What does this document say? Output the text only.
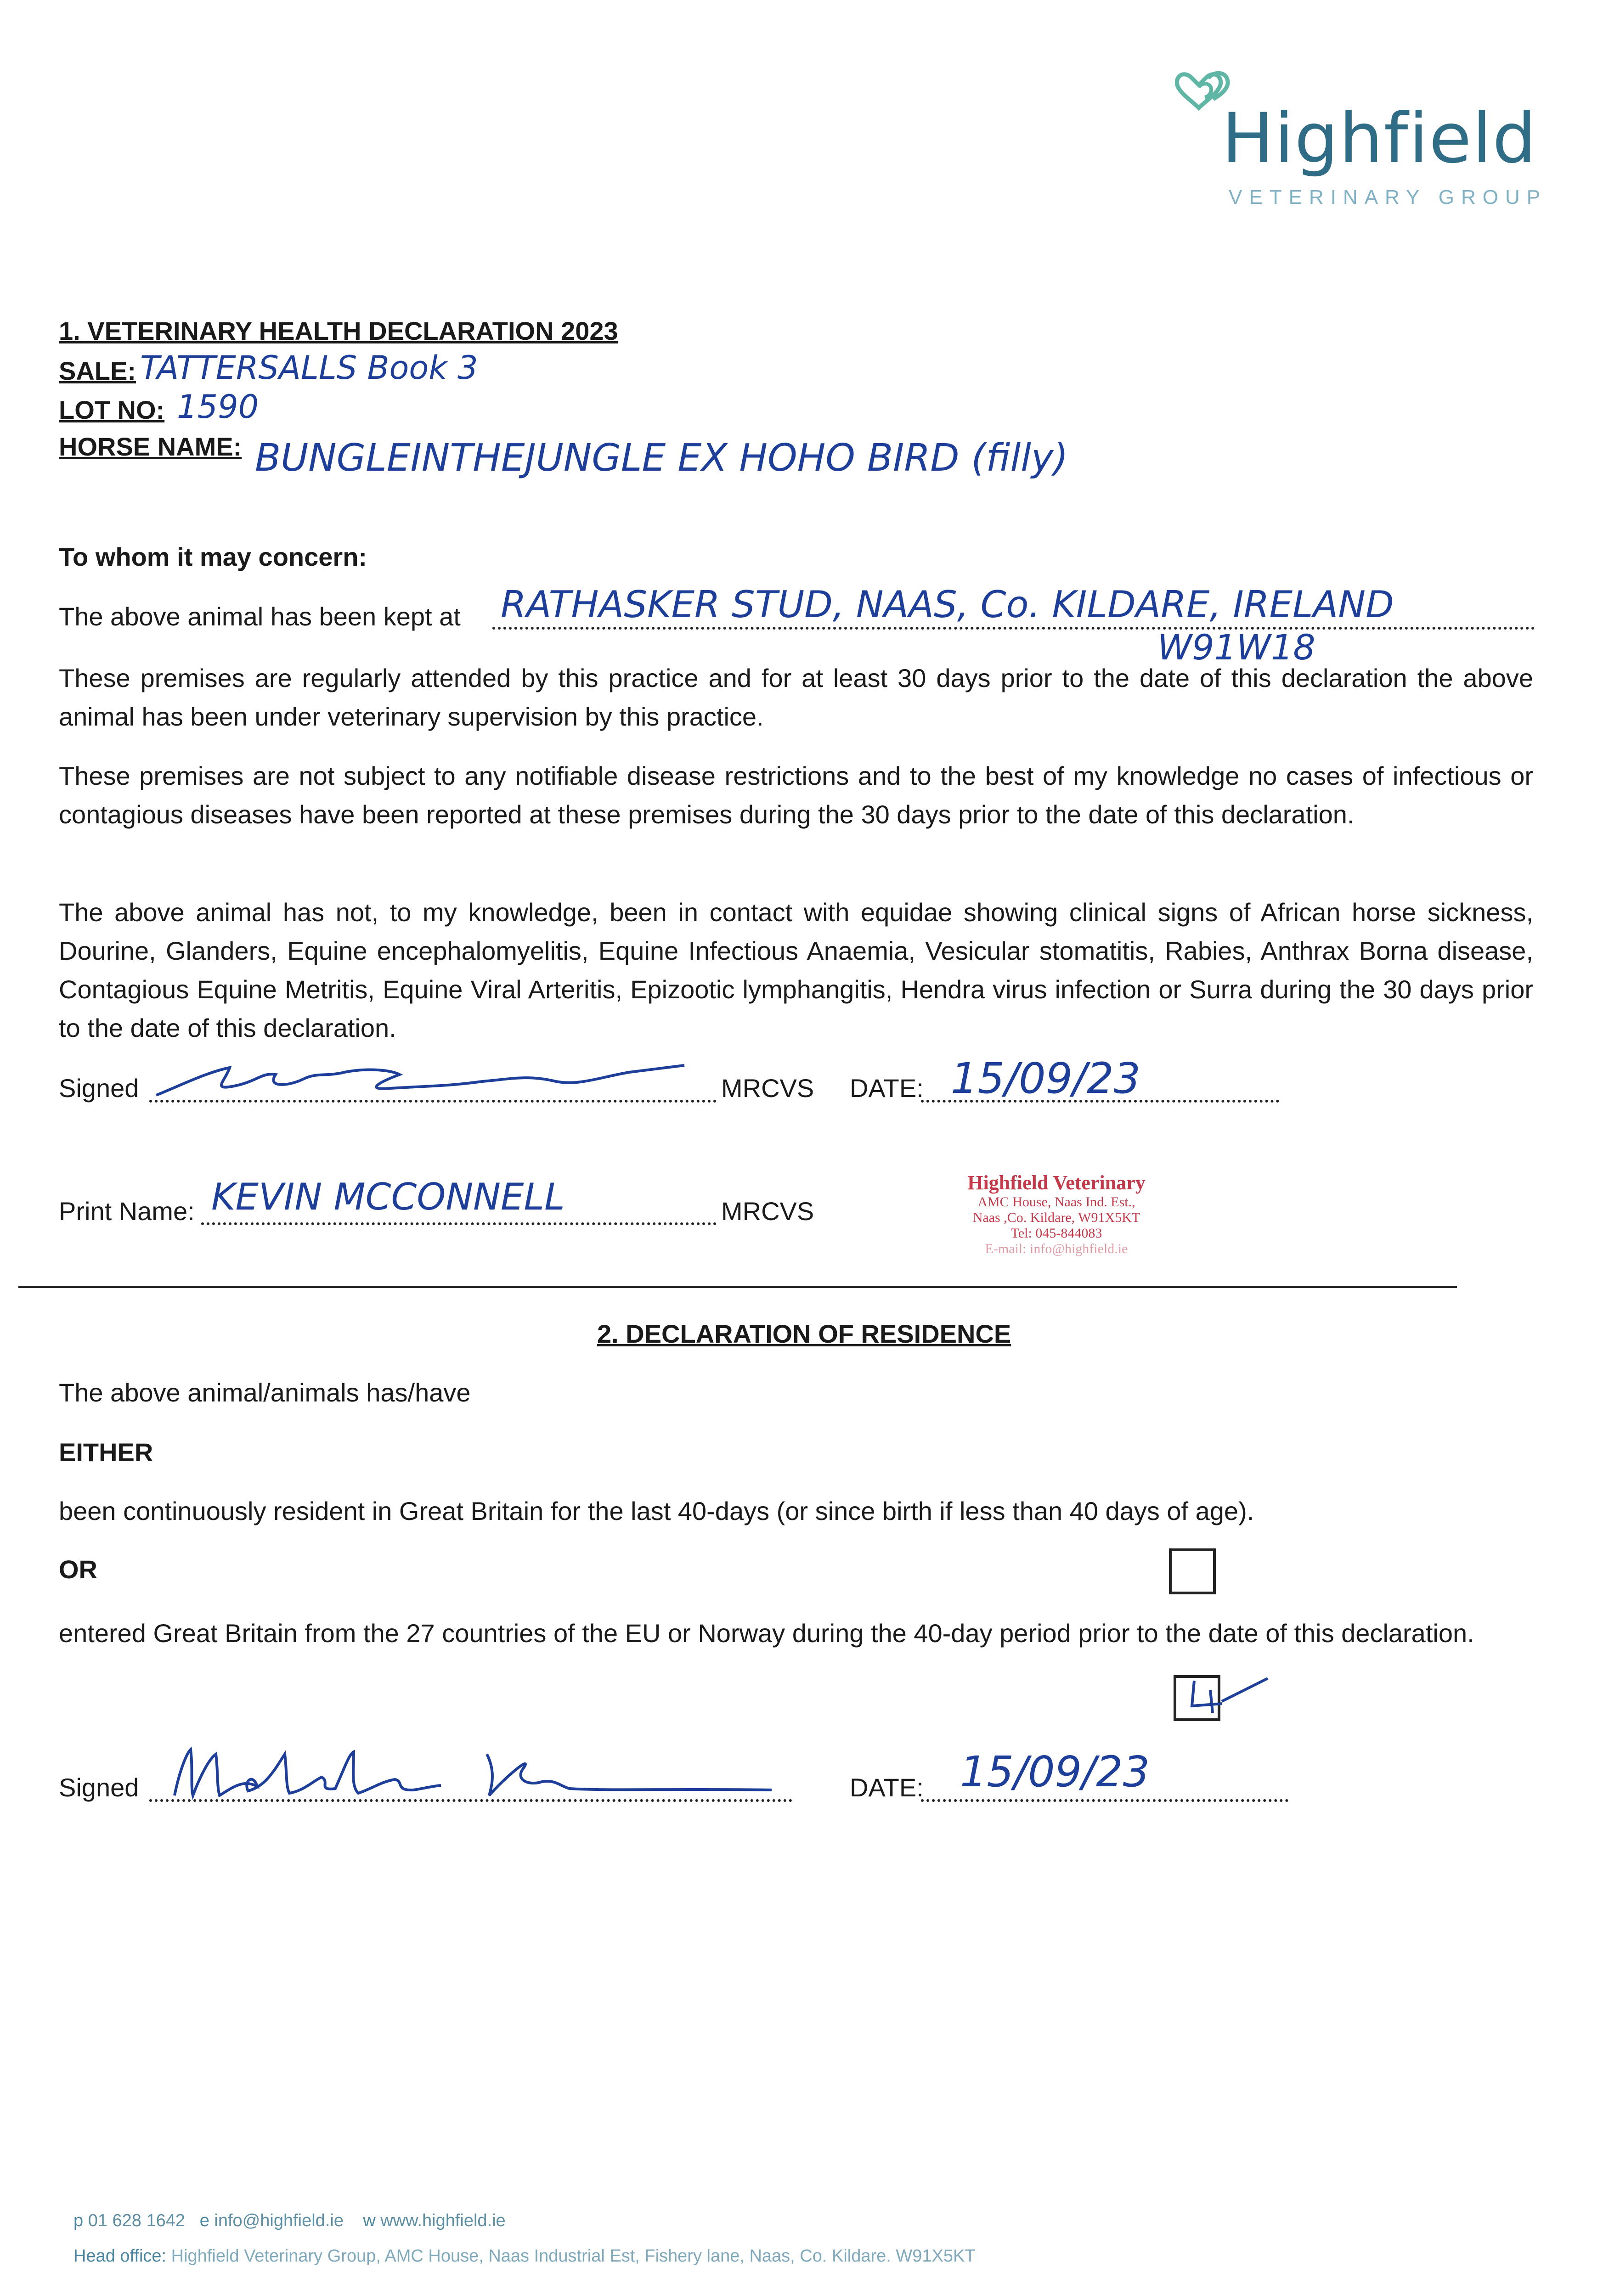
Highfield
VETERINARY GROUP
1. VETERINARY HEALTH DECLARATION 2023
SALE: TATTERSALLS Book 3
LOT NO: 1590
HORSE NAME: BUNGLEINTHEJUNGLE EX HOHO BIRD (filly)
To whom it may concern:
The above animal has been kept at RATHASKER STUD, NAAS, Co. KILDARE, IRELAND
W91W18
These premises are regularly attended by this practice and for at least 30 days prior to the date of this declaration the above animal has been under veterinary supervision by this practice.
These premises are not subject to any notifiable disease restrictions and to the best of my knowledge no cases of infectious or contagious diseases have been reported at these premises during the 30 days prior to the date of this declaration.
The above animal has not, to my knowledge, been in contact with equidae showing clinical signs of African horse sickness, Dourine, Glanders, Equine encephalomyelitis, Equine Infectious Anaemia, Vesicular stomatitis, Rabies, Anthrax Borna disease, Contagious Equine Metritis, Equine Viral Arteritis, Epizootic lymphangitis, Hendra virus infection or Surra during the 30 days prior to the date of this declaration.
Signed	MRCVS DATE: 15/09/23
Print Name: KEVIN MCCONNELL	MRCVS
Highfield Veterinary
AMC House, Naas Ind. Est.,
Naas ,Co. Kildare, W91X5KT
Tel: 045-844083
E-mail: info@highfield.ie
2. DECLARATION OF RESIDENCE
The above animal/animals has/have
EITHER
been continuously resident in Great Britain for the last 40-days (or since birth if less than 40 days of age).
OR
entered Great Britain from the 27 countries of the EU or Norway during the 40-day period prior to the date of this declaration.
Signed	DATE: 15/09/23
p 01 628 1642 e info@highfield.ie w www.highfield.ie
Head office: Highfield Veterinary Group, AMC House, Naas Industrial Est, Fishery lane, Naas, Co. Kildare. W91X5KT
